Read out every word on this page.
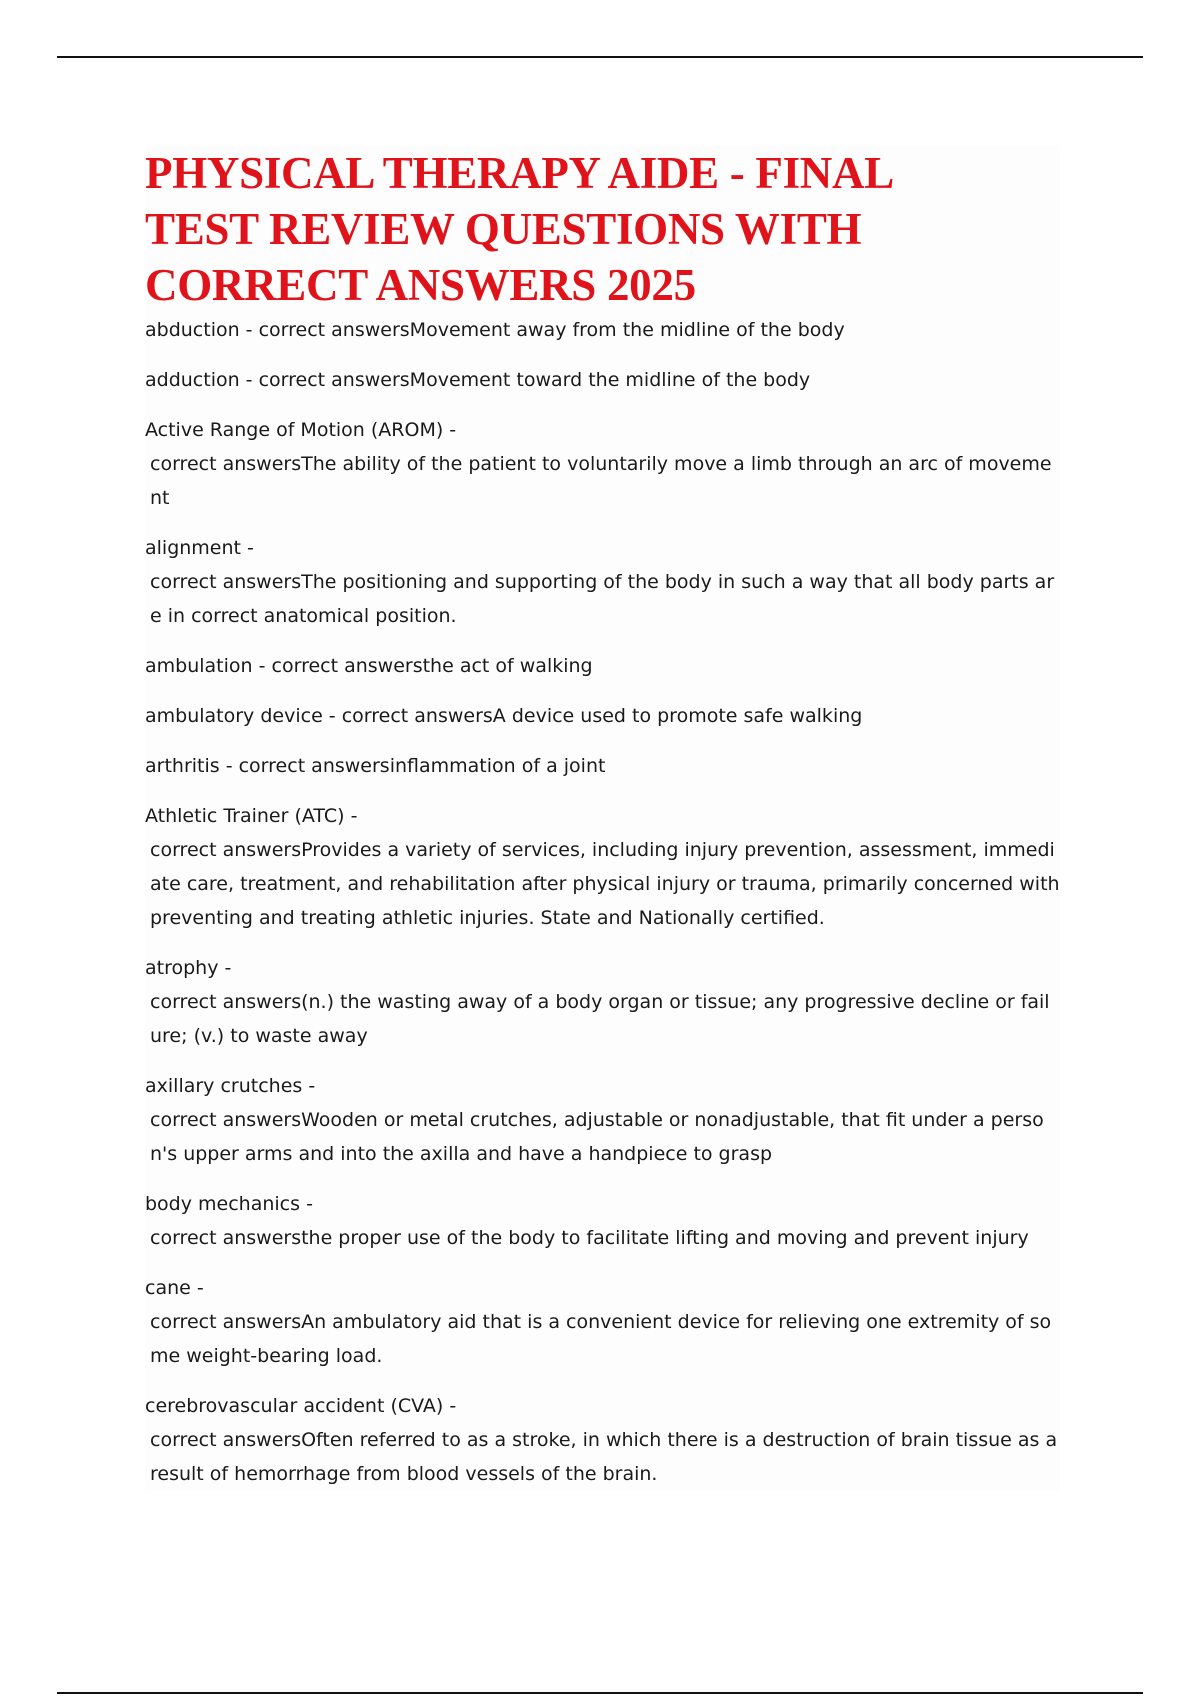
PHYSICAL THERAPY AIDE - FINAL
TEST REVIEW QUESTIONS WITH
CORRECT ANSWERS 2025

abduction - correct answersMovement away from the midline of the body

adduction - correct answersMovement toward the midline of the body

Active Range of Motion (AROM) -
correct answersThe ability of the patient to voluntarily move a limb through an arc of movement

alignment -
correct answersThe positioning and supporting of the body in such a way that all body parts are in correct anatomical position.

ambulation - correct answersthe act of walking

ambulatory device - correct answersA device used to promote safe walking

arthritis - correct answersinflammation of a joint

Athletic Trainer (ATC) -
correct answersProvides a variety of services, including injury prevention, assessment, immediate care, treatment, and rehabilitation after physical injury or trauma, primarily concerned with preventing and treating athletic injuries. State and Nationally certified.

atrophy -
correct answers(n.) the wasting away of a body organ or tissue; any progressive decline or failure; (v.) to waste away

axillary crutches -
correct answersWooden or metal crutches, adjustable or nonadjustable, that fit under a person's upper arms and into the axilla and have a handpiece to grasp

body mechanics -
correct answersthe proper use of the body to facilitate lifting and moving and prevent injury

cane -
correct answersAn ambulatory aid that is a convenient device for relieving one extremity of some weight-bearing load.

cerebrovascular accident (CVA) -
correct answersOften referred to as a stroke, in which there is a destruction of brain tissue as a result of hemorrhage from blood vessels of the brain.
